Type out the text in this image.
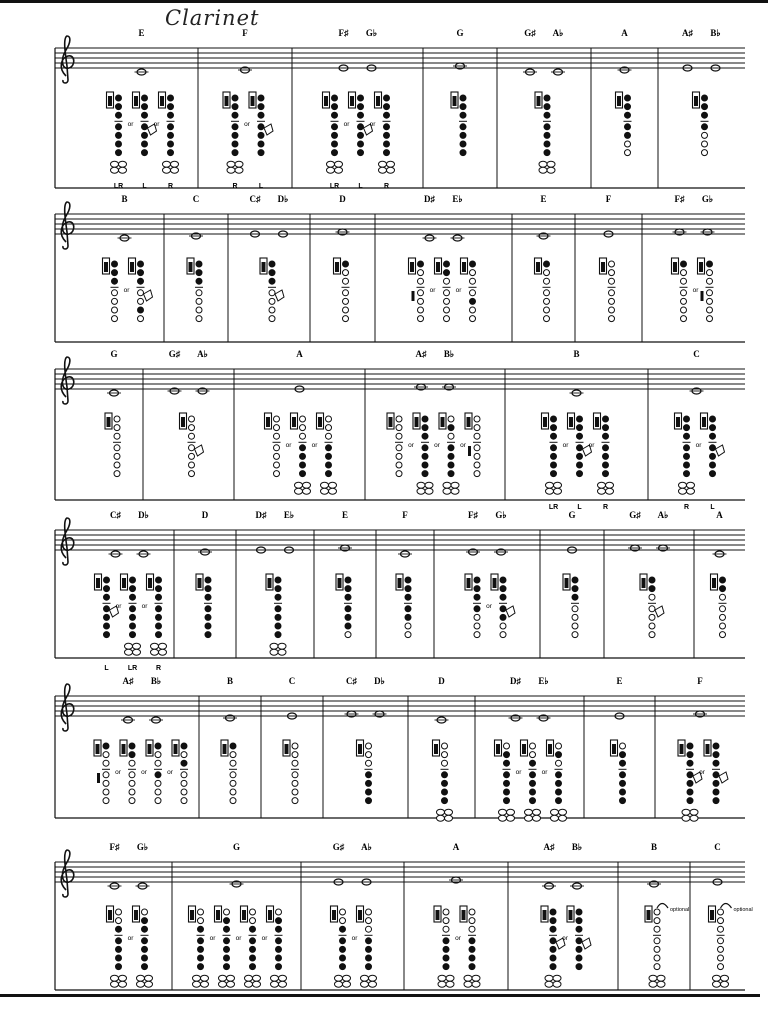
Clarinet
E
LR
or
L
or
R
F
R
or
L
F♯ G♭
LR
or
L
or
R
G	G♯ A♭	A	A♯ B♭
B
or
C	C♯ D♭	D	D♯ E♭
or	or
E	F	F♯ G♭
or
G	G♯ A♭	A
or	or
A♯ B♭
or	or	or
B
LR
or
L
or
R
C
R
or
L
C♯ D♭
L
or
LR
or
R
D	D♯ E♭	E	F	F♯ G♭
or
G	G♯ A♭	A
A♯ B♭
or	or	or
B	C	C♯ D♭	D	D♯ E♭
or	or
E	F
or
F♯ G♭
or
G
or	or	or
G♯ A♭
or
A
or
A♯ B♭
or
B
optional
C
optional
